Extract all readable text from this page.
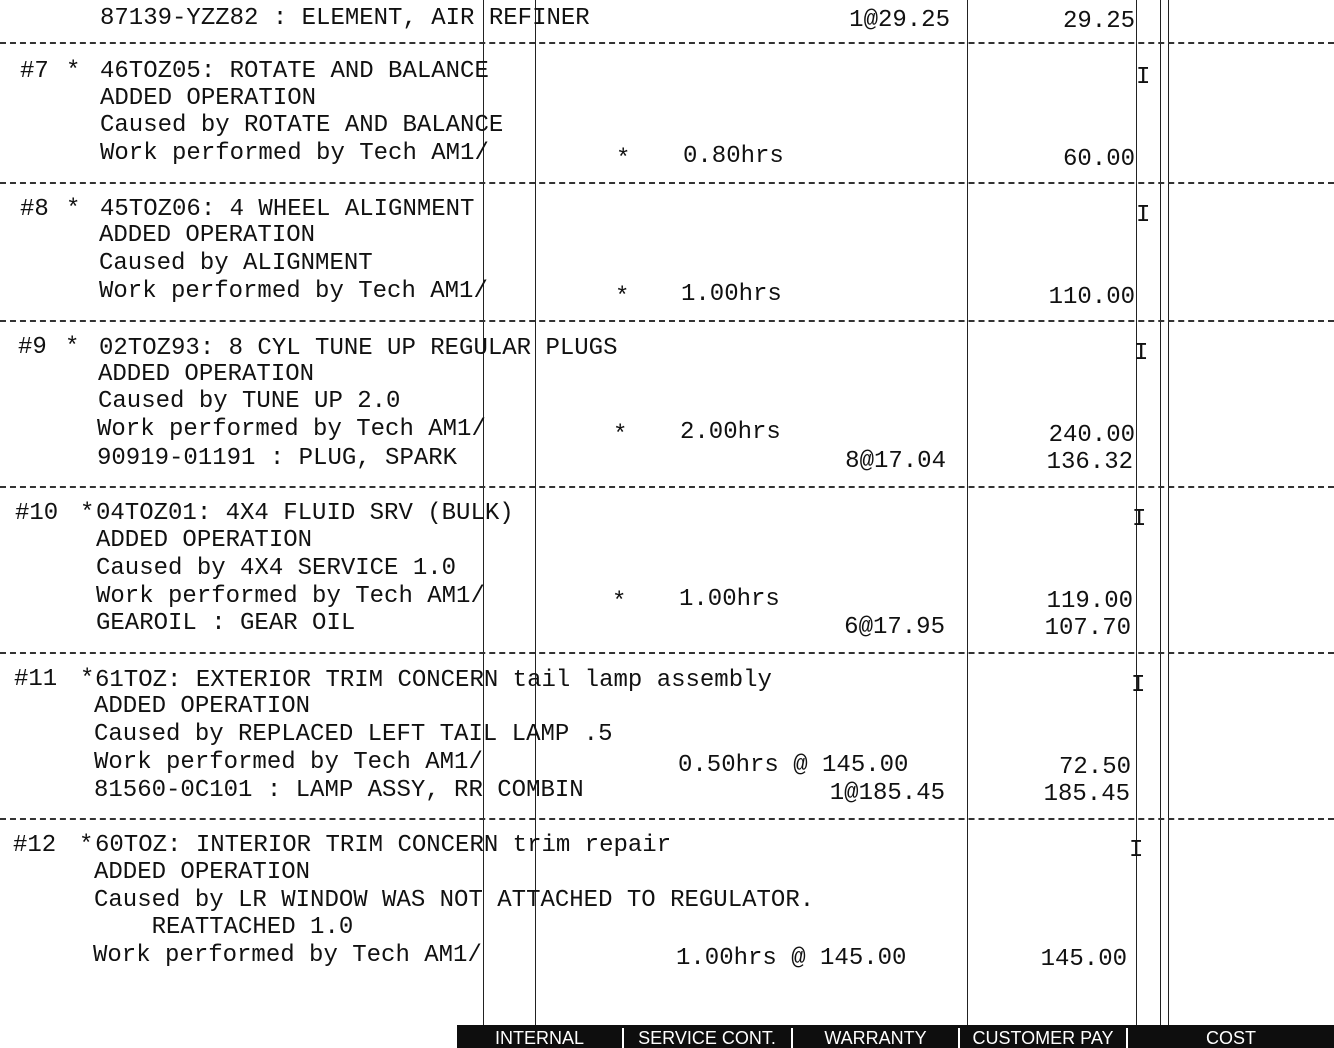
87139-YZZ82 : ELEMENT, AIR REFINER	1@29.25	29.25
#7 * 46TOZ05: ROTATE AND BALANCE	I
ADDED OPERATION
Caused by ROTATE AND BALANCE
Work performed by Tech AM1/	* 0.80hrs	60.00
#8 * 45TOZ06: 4 WHEEL ALIGNMENT	I
ADDED OPERATION
Caused by ALIGNMENT
Work performed by Tech AM1/	* 1.00hrs	110.00
#9 * 02TOZ93: 8 CYL TUNE UP REGULAR PLUGS	I
ADDED OPERATION
Caused by TUNE UP 2.0
Work performed by Tech AM1/	* 2.00hrs	240.00
90919-01191 : PLUG, SPARK	8@17.04	136.32
#10 * 04TOZ01: 4X4 FLUID SRV (BULK)	I
ADDED OPERATION
Caused by 4X4 SERVICE 1.0
Work performed by Tech AM1/	* 1.00hrs	119.00
GEAROIL : GEAR OIL	6@17.95	107.70
#11 * 61TOZ: EXTERIOR TRIM CONCERN tail lamp assembly	I
ADDED OPERATION
Caused by REPLACED LEFT TAIL LAMP .5
Work performed by Tech AM1/	0.50hrs @ 145.00	72.50
81560-0C101 : LAMP ASSY, RR COMBIN	1@185.45	185.45
#12 * 60TOZ: INTERIOR TRIM CONCERN trim repair	I
ADDED OPERATION
Caused by LR WINDOW WAS NOT ATTACHED TO REGULATOR.
REATTACHED 1.0
Work performed by Tech AM1/	1.00hrs @ 145.00	145.00
INTERNAL	SERVICE CONT.	WARRANTY	CUSTOMER PAY	COST
